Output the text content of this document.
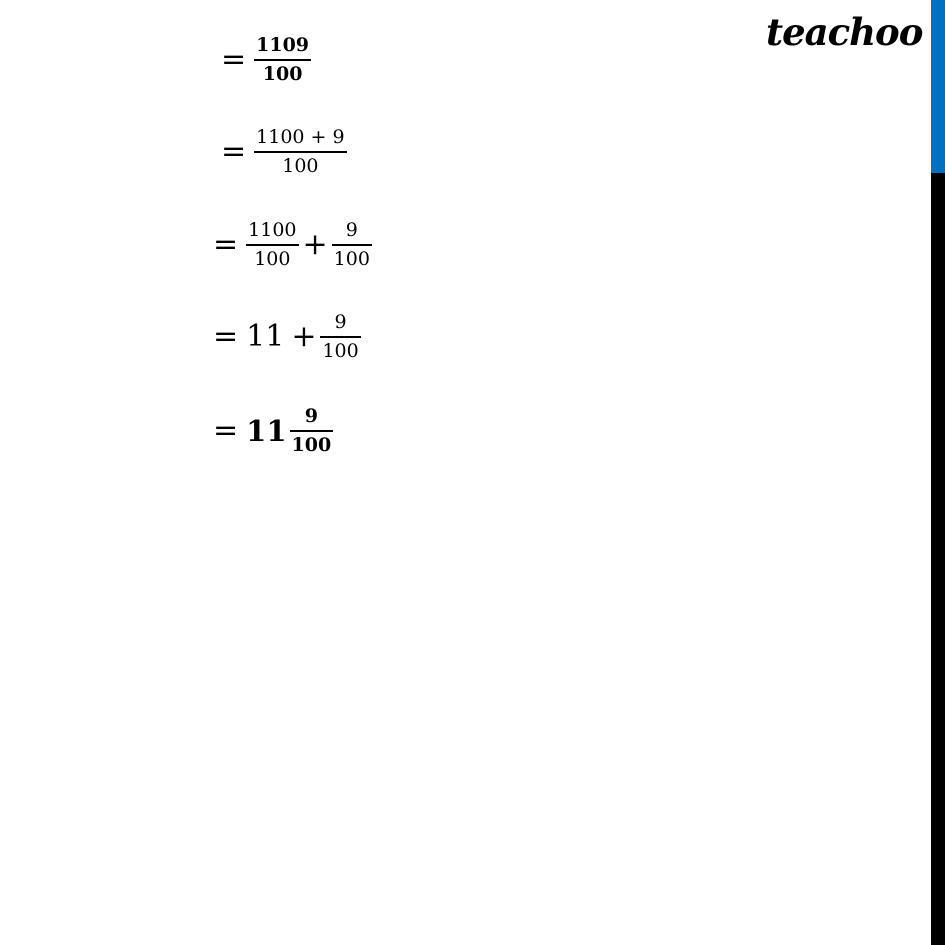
teachoo
= $\frac{1109}{100}$
= $\frac{1100 + 9}{100}$
= $\frac{1100}{100} + \frac{9}{100}$
= $11 + \frac{9}{100}$
= $11 \frac{9}{100}$
